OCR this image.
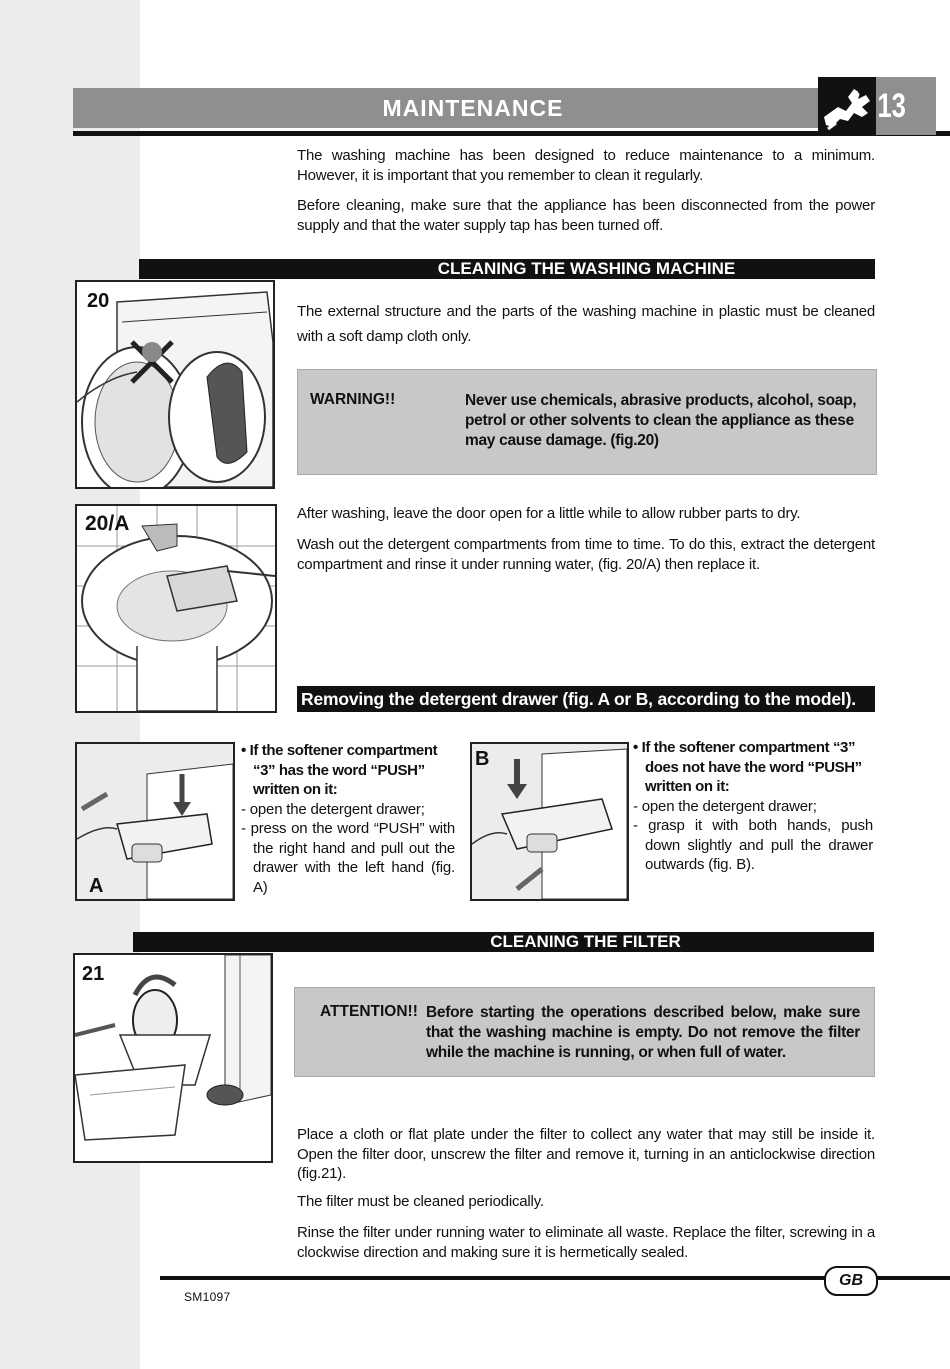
MAINTENANCE	13
The washing machine has been designed to reduce maintenance to a minimum. However, it is important that you remember to clean it regularly.
Before cleaning, make sure that the appliance has been disconnected from the power supply and that the water supply tap has been turned off.
CLEANING THE WASHING MACHINE
20	The external structure and the parts of the washing machine in plastic must be cleaned with a soft damp cloth only.
WARNING!!	Never use chemicals, abrasive products, alcohol, soap, petrol or other solvents to clean the appliance as these may cause damage. (fig.20)
20/A	After washing, leave the door open for a little while to allow rubber parts to dry.
Wash out the detergent compartments from time to time. To do this, extract the detergent compartment and rinse it under running water, (fig. 20/A) then replace it.
Removing the detergent drawer (fig. A or B, according to the model).
A
• If the softener compartment “3” has the word “PUSH” written on it:
- open the detergent drawer;
- press on the word “PUSH” with the right hand and pull out the drawer with the left hand (fig. A)
B
• If the softener compartment “3” does not have the word “PUSH” written on it:
- open the detergent drawer;
- grasp it with both hands, push down slightly and pull the drawer outwards (fig. B).
CLEANING THE FILTER
21
ATTENTION!! Before starting the operations described below, make sure that the washing machine is empty. Do not remove the filter while the machine is running, or when full of water.
Place a cloth or flat plate under the filter to collect any water that may still be inside it. Open the filter door, unscrew the filter and remove it, turning in an anticlockwise direction (fig.21).
The filter must be cleaned periodically.
Rinse the filter under running water to eliminate all waste. Replace the filter, screwing in a clockwise direction and making sure it is hermetically sealed.
GB
SM1097
